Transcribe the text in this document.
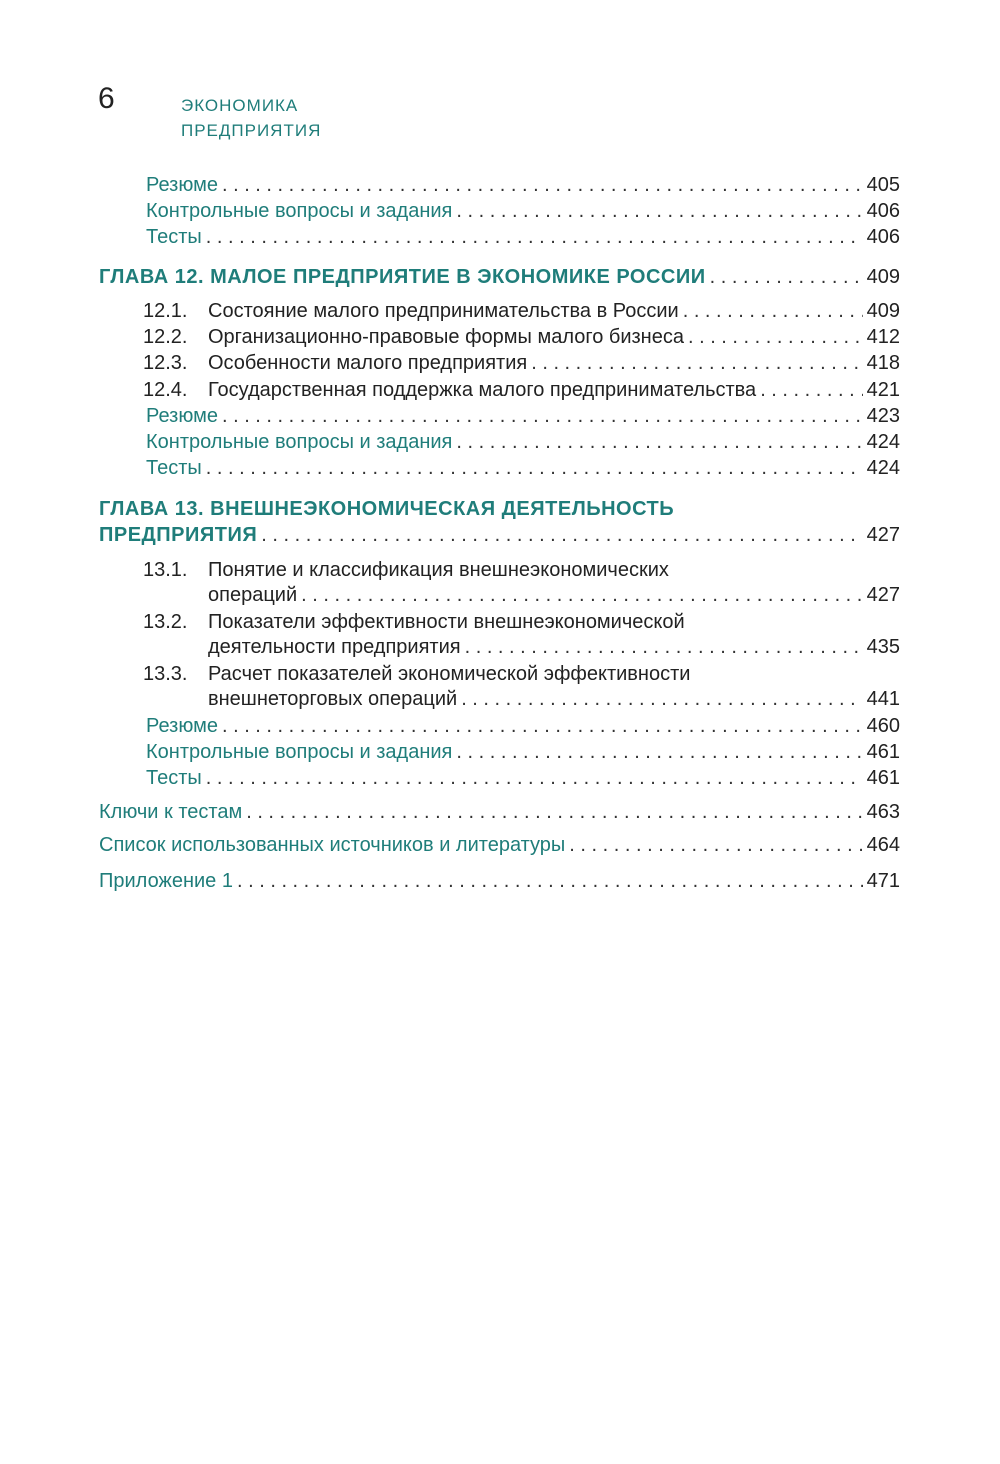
6	ЭКОНОМИКА
ПРЕДПРИЯТИЯ
Резюме . . .	405
Контрольные вопросы и задания . . .	406
Тесты . . .	406
ГЛАВА 12. МАЛОЕ ПРЕДПРИЯТИЕ В ЭКОНОМИКЕ РОССИИ . . .	409
12.1.	Состояние малого предпринимательства в России . . .	409
12.2.	Организационно-правовые формы малого бизнеса . . .	412
12.3.	Особенности малого предприятия . . .	418
12.4.	Государственная поддержка малого предпринимательства . . .	421
Резюме . . .	423
Контрольные вопросы и задания . . .	424
Тесты . . .	424
ГЛАВА 13. ВНЕШНЕЭКОНОМИЧЕСКАЯ ДЕЯТЕЛЬНОСТЬ
ПРЕДПРИЯТИЯ . . .	427
13.1. Понятие и классификация внешнеэкономических
операций . . .	427
13.2. Показатели эффективности внешнеэкономической
деятельности предприятия . . .	435
13.3. Расчет показателей экономической эффективности
внешнеторговых операций . . .	441
Резюме . . .	460
Контрольные вопросы и задания . . .	461
Тесты . . .	461
Ключи к тестам . . .	463
Список использованных источников и литературы . . .	464
Приложение 1 . . .	471
